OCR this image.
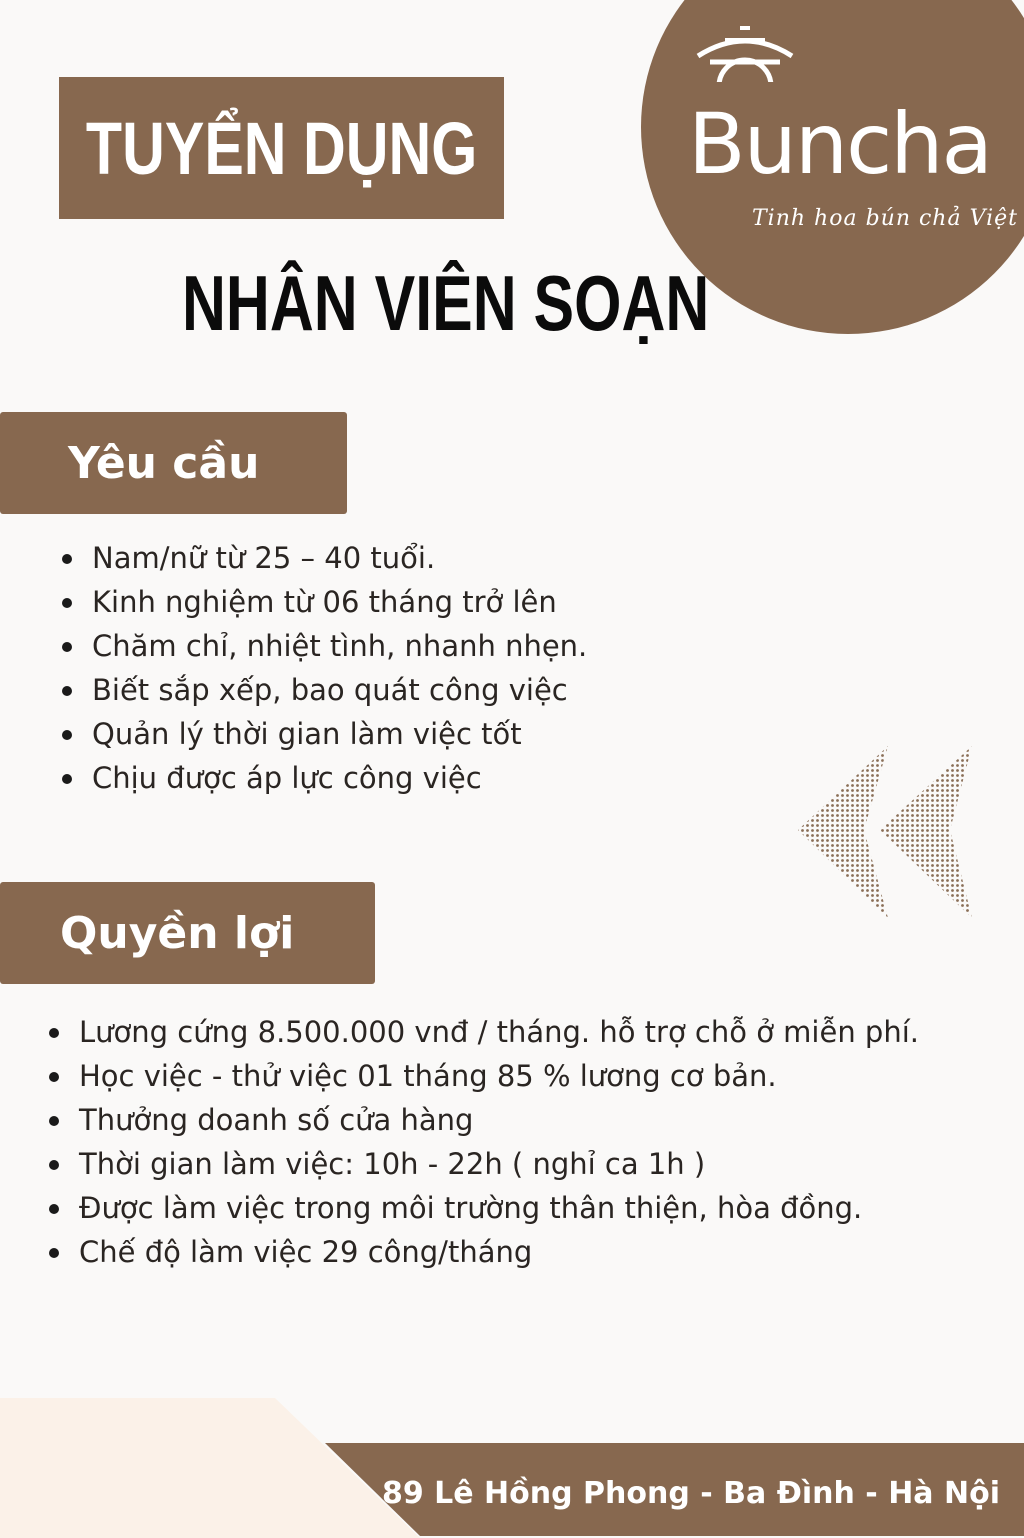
Buncha
Tinh hoa bún chả Việt
TUYỂN DỤNG
NHÂN VIÊN SOẠN
Yêu cầu
Nam/nữ từ 25 – 40 tuổi.
Kinh nghiệm từ 06 tháng trở lên
Chăm chỉ, nhiệt tình, nhanh nhẹn.
Biết sắp xếp, bao quát công việc
Quản lý thời gian làm việc tốt
Chịu được áp lực công việc
Quyền lợi
Lương cứng 8.500.000 vnđ / tháng. hỗ trợ chỗ ở miễn phí.
Học việc - thử việc 01 tháng 85 % lương cơ bản.
Thưởng doanh số cửa hàng
Thời gian làm việc: 10h - 22h ( nghỉ ca 1h )
Được làm việc trong môi trường thân thiện, hòa đồng.
Chế độ làm việc 29 công/tháng
89 Lê Hồng Phong - Ba Đình - Hà Nội
